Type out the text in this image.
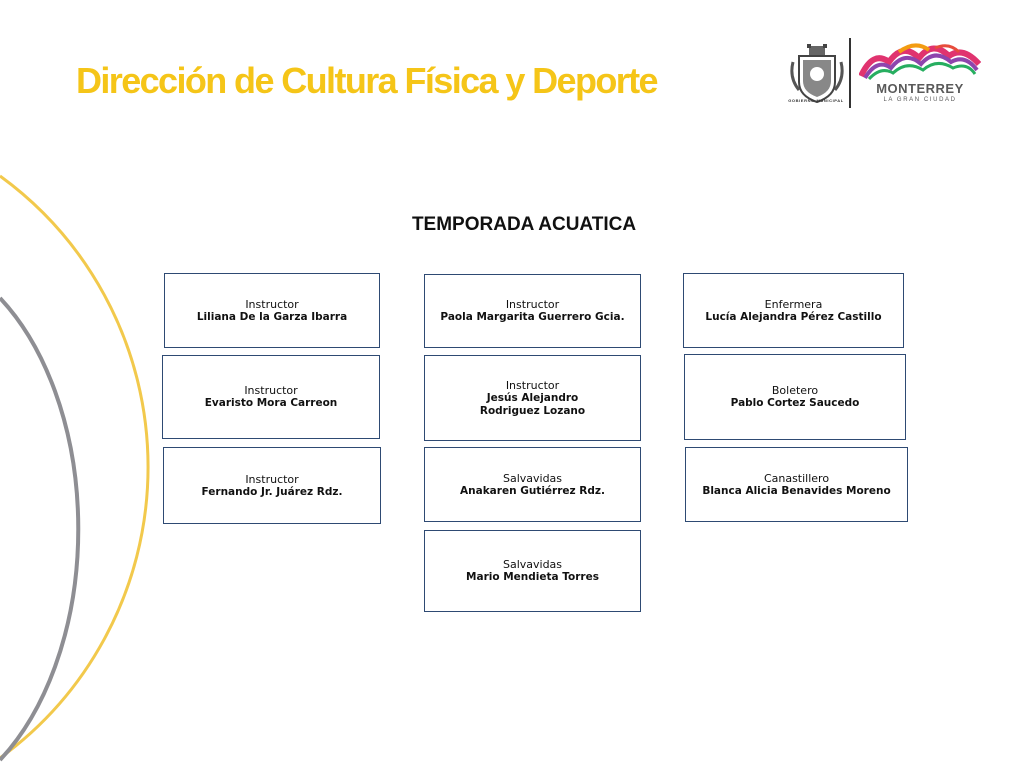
Dirección de Cultura Física y Deporte	GOBIERNO MUNICIPAL
MONTERREY
LA GRAN CIUDAD
TEMPORADA ACUATICA
Instructor
Liliana De la Garza Ibarra
Instructor
Evaristo Mora Carreon
Instructor
Fernando Jr. Juárez Rdz.
Instructor
Paola Margarita Guerrero Gcia.
Instructor
Jesús Alejandro
Rodriguez Lozano
Salvavidas
Anakaren Gutiérrez Rdz.
Salvavidas
Mario Mendieta Torres
Enfermera
Lucía Alejandra Pérez Castillo
Boletero
Pablo Cortez Saucedo
Canastillero
Blanca Alicia Benavides Moreno
